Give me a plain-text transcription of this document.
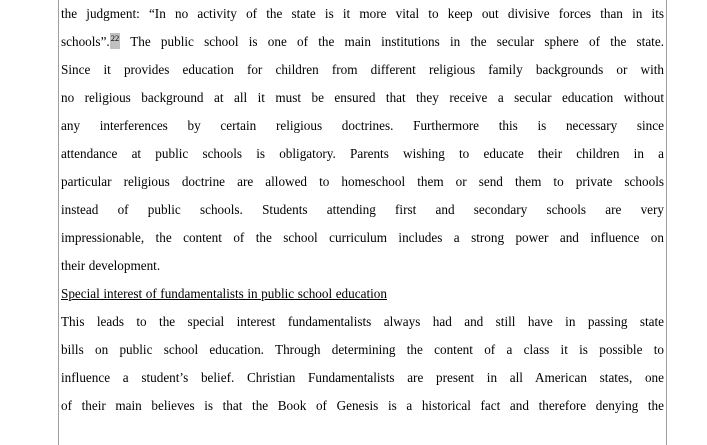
the judgment: “In no activity of the state is it more vital to keep out divisive forces than in its
schools”.$^{22}$ The public school is one of the main institutions in the secular sphere of the state.
Since it provides education for children from different religious family backgrounds or with
no religious background at all it must be ensured that they receive a secular education without
any interferences by certain religious doctrines. Furthermore this is necessary since
attendance at public schools is obligatory. Parents wishing to educate their children in a
particular religious doctrine are allowed to homeschool them or send them to private schools
instead of public schools. Students attending first and secondary schools are very
impressionable, the content of the school curriculum includes a strong power and influence on
their development.
Special interest of fundamentalists in public school education
This leads to the special interest fundamentalists always had and still have in passing state
bills on public school education. Through determining the content of a class it is possible to
influence a student’s belief. Christian Fundamentalists are present in all American states, one
of their main believes is that the Book of Genesis is a historical fact and therefore denying the
